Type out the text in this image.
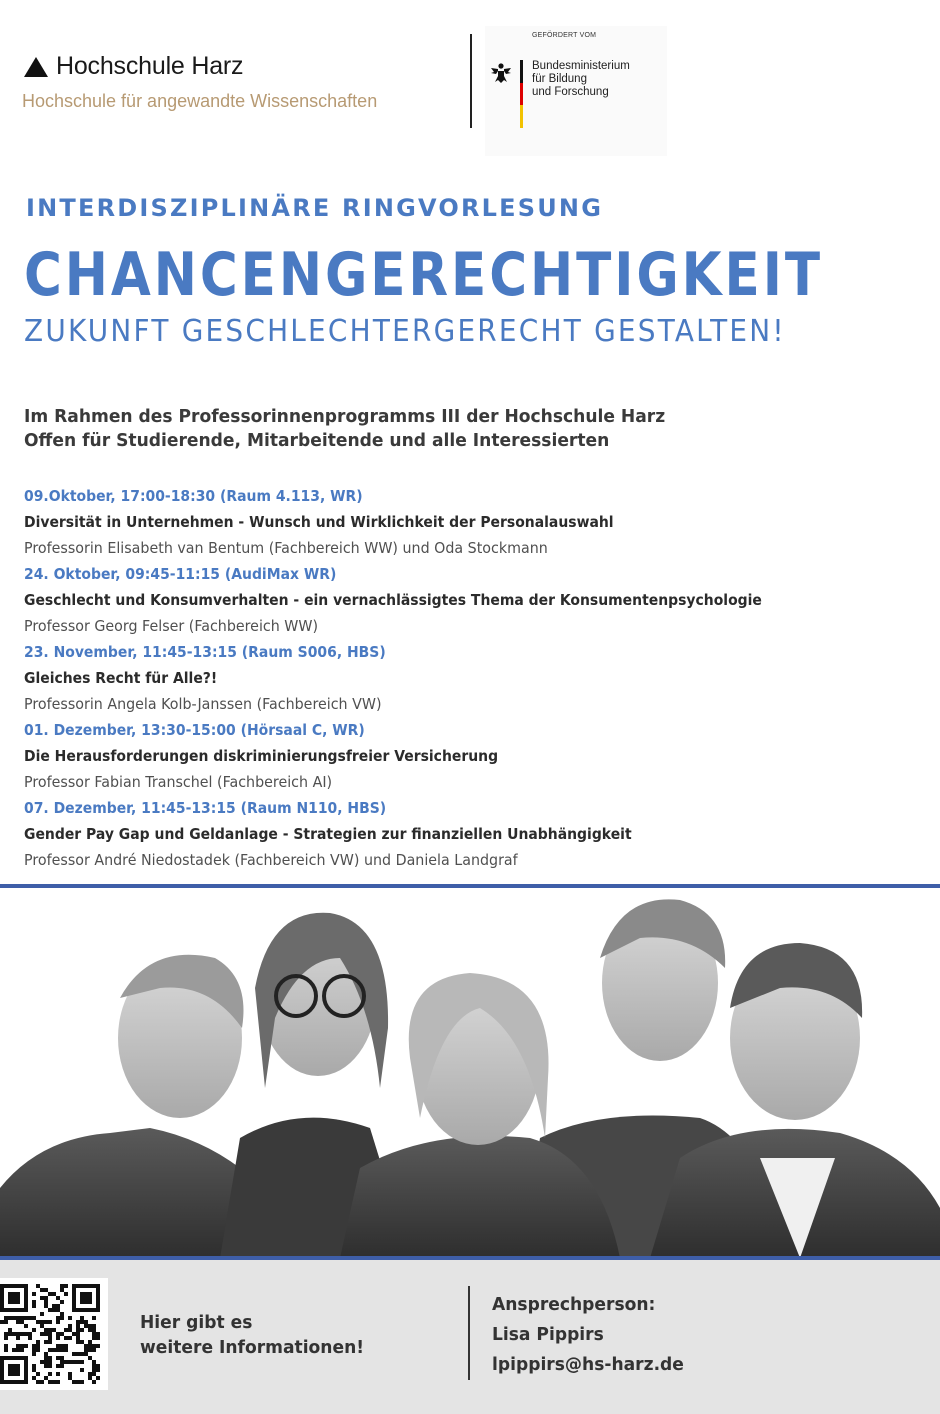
Hochschule Harz
Hochschule für angewandte Wissenschaften
GEFÖRDERT VOM
Bundesministerium
für Bildung
und Forschung
INTERDISZIPLINÄRE RINGVORLESUNG
CHANCENGERECHTIGKEIT
ZUKUNFT GESCHLECHTERGERECHT GESTALTEN!
Im Rahmen des Professorinnenprogramms III der Hochschule Harz
Offen für Studierende, Mitarbeitende und alle Interessierten
09.Oktober, 17:00-18:30 (Raum 4.113, WR)
Diversität in Unternehmen - Wunsch und Wirklichkeit der Personalauswahl
Professorin Elisabeth van Bentum (Fachbereich WW) und Oda Stockmann
24. Oktober, 09:45-11:15 (AudiMax WR)
Geschlecht und Konsumverhalten - ein vernachlässigtes Thema der Konsumentenpsychologie
Professor Georg Felser (Fachbereich WW)
23. November, 11:45-13:15 (Raum S006, HBS)
Gleiches Recht für Alle?!
Professorin Angela Kolb-Janssen (Fachbereich VW)
01. Dezember, 13:30-15:00 (Hörsaal C, WR)
Die Herausforderungen diskriminierungsfreier Versicherung
Professor Fabian Transchel (Fachbereich AI)
07. Dezember, 11:45-13:15 (Raum N110, HBS)
Gender Pay Gap und Geldanlage - Strategien zur finanziellen Unabhängigkeit
Professor André Niedostadek (Fachbereich VW) und Daniela Landgraf
Hier gibt es
weitere Informationen!
Ansprechperson:
Lisa Pippirs
lpippirs@hs-harz.de
